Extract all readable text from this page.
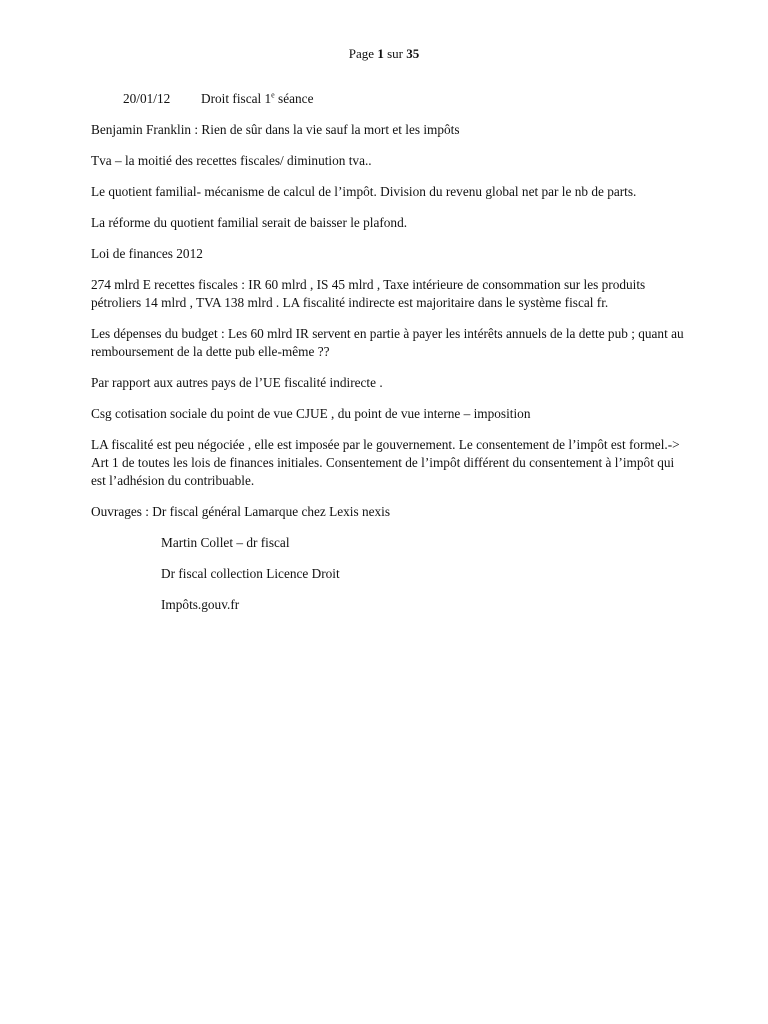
Page 1 sur 35
20/01/12 Droit fiscal 1e séance

Benjamin Franklin : Rien de sûr dans la vie sauf la mort et les impôts

Tva – la moitié des recettes fiscales/ diminution tva..

Le quotient familial- mécanisme de calcul de l’impôt. Division du revenu global net par le nb de parts.

La réforme du quotient familial serait de baisser le plafond.

Loi de finances 2012

274 mlrd E recettes fiscales : IR 60 mlrd , IS 45 mlrd , Taxe intérieure de consommation sur les produits pétroliers 14 mlrd , TVA 138 mlrd . LA fiscalité indirecte est majoritaire dans le système fiscal fr.

Les dépenses du budget : Les 60 mlrd IR servent en partie à payer les intérêts annuels de la dette pub ; quant au remboursement de la dette pub elle-même ??

Par rapport aux autres pays de l’UE fiscalité indirecte .

Csg cotisation sociale du point de vue CJUE , du point de vue interne – imposition

LA fiscalité est peu négociée , elle est imposée par le gouvernement. Le consentement de l’impôt est formel.-> Art 1 de toutes les lois de finances initiales. Consentement de l’impôt différent du consentement à l’impôt qui est l’adhésion du contribuable.

Ouvrages : Dr fiscal général Lamarque chez Lexis nexis

Martin Collet – dr fiscal

Dr fiscal collection Licence Droit

Impôts.gouv.fr
